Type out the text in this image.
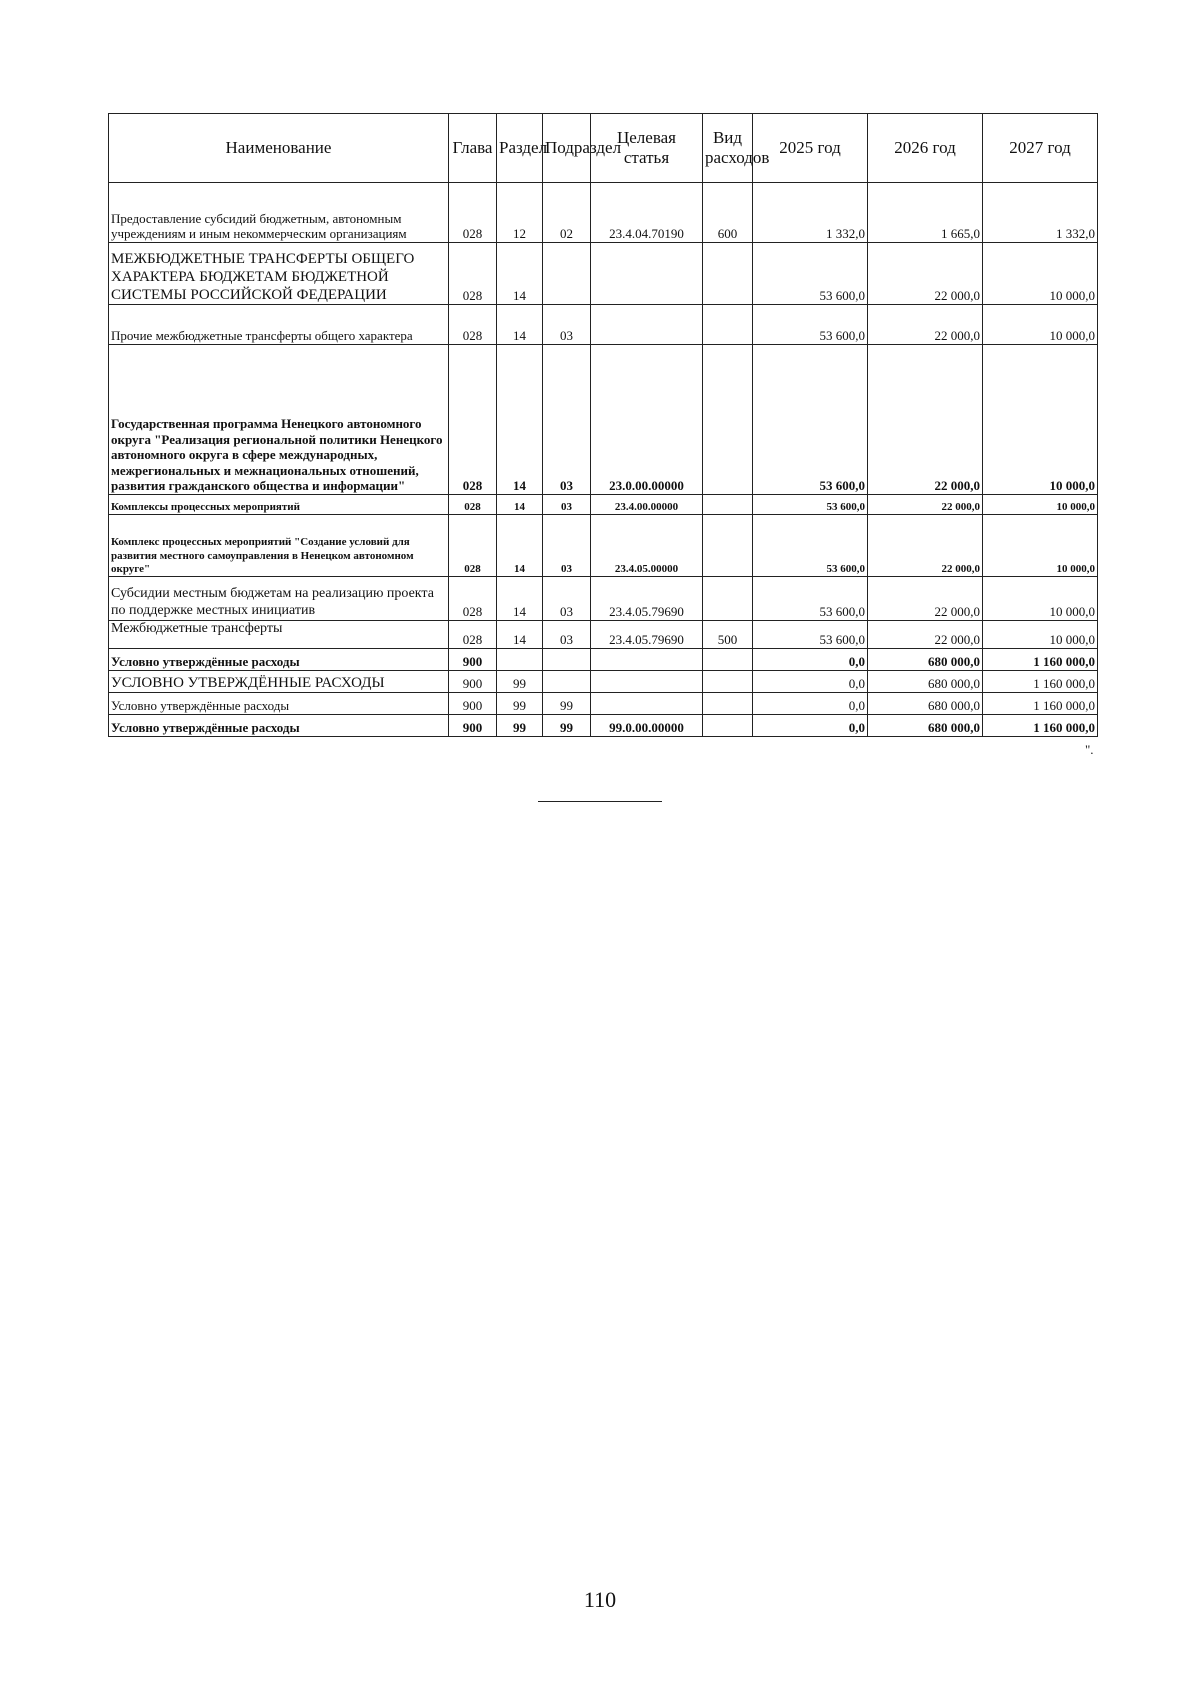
Наименование	Глава	Раздел	Подраздел	Целевая статья	Вид расходов	2025 год	2026 год	2027 год
Предоставление субсидий бюджетным, автономным учреждениям и иным некоммерческим организациям	028	12	02	23.4.04.70190	600	1 332,0	1 665,0	1 332,0
МЕЖБЮДЖЕТНЫЕ ТРАНСФЕРТЫ ОБЩЕГО ХАРАКТЕРА БЮДЖЕТАМ БЮДЖЕТНОЙ СИСТЕМЫ РОССИЙСКОЙ ФЕДЕРАЦИИ	028	14				53 600,0	22 000,0	10 000,0
Прочие межбюджетные трансферты общего характера	028	14	03			53 600,0	22 000,0	10 000,0
Государственная программа Ненецкого автономного округа "Реализация региональной политики Ненецкого автономного округа в сфере международных, межрегиональных и межнациональных отношений, развития гражданского общества и информации"	028	14	03	23.0.00.00000		53 600,0	22 000,0	10 000,0
Комплексы процессных мероприятий	028	14	03	23.4.00.00000		53 600,0	22 000,0	10 000,0
Комплекс процессных мероприятий "Создание условий для развития местного самоуправления в Ненецком автономном округе"	028	14	03	23.4.05.00000		53 600,0	22 000,0	10 000,0
Субсидии местным бюджетам на реализацию проекта по поддержке местных инициатив	028	14	03	23.4.05.79690		53 600,0	22 000,0	10 000,0
Межбюджетные трансферты	028	14	03	23.4.05.79690	500	53 600,0	22 000,0	10 000,0
Условно утверждённые расходы	900					0,0	680 000,0	1 160 000,0
УСЛОВНО УТВЕРЖДЁННЫЕ РАСХОДЫ	900	99				0,0	680 000,0	1 160 000,0
Условно утверждённые расходы	900	99	99			0,0	680 000,0	1 160 000,0
Условно утверждённые расходы	900	99	99	99.0.00.00000		0,0	680 000,0	1 160 000,0
".
110
